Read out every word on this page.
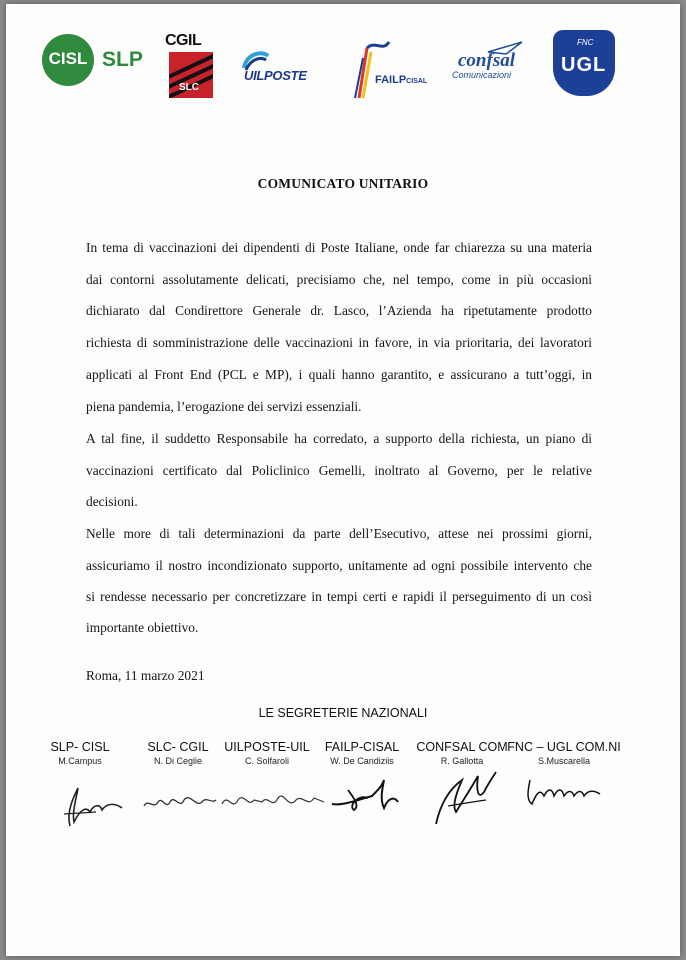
CISL SLP
CGIL
SLC
UILPOSTE	FAILPCISAL
confsal
Comunicazioni
FNC
UGL
COMUNICATO UNITARIO
In tema di vaccinazioni dei dipendenti di Poste Italiane, onde far chiarezza su una materia
dai contorni assolutamente delicati, precisiamo che, nel tempo, come in più occasioni
dichiarato dal Condirettore Generale dr. Lasco, l’Azienda ha ripetutamente prodotto
richiesta di somministrazione delle vaccinazioni in favore, in via prioritaria, dei lavoratori
applicati al Front End (PCL e MP), i quali hanno garantito, e assicurano a tutt’oggi, in
piena pandemia, l’erogazione dei servizi essenziali.
A tal fine, il suddetto Responsabile ha corredato, a supporto della richiesta, un piano di
vaccinazioni certificato dal Policlinico Gemelli, inoltrato al Governo, per le relative
decisioni.
Nelle more di tali determinazioni da parte dell’Esecutivo, attese nei prossimi giorni,
assicuriamo il nostro incondizionato supporto, unitamente ad ogni possibile intervento che
si rendesse necessario per concretizzare in tempi certi e rapidi il perseguimento di un così
importante obiettivo.
Roma, 11 marzo 2021
LE SEGRETERIE NAZIONALI
SLP- CISL
M.Campus
SLC- CGIL
N. Di Ceglie
UILPOSTE-UIL
C. Solfaroli
FAILP-CISAL
W. De Candiziis
CONFSAL COM
R. Gallotta
FNC – UGL COM.NI
S.Muscarella
